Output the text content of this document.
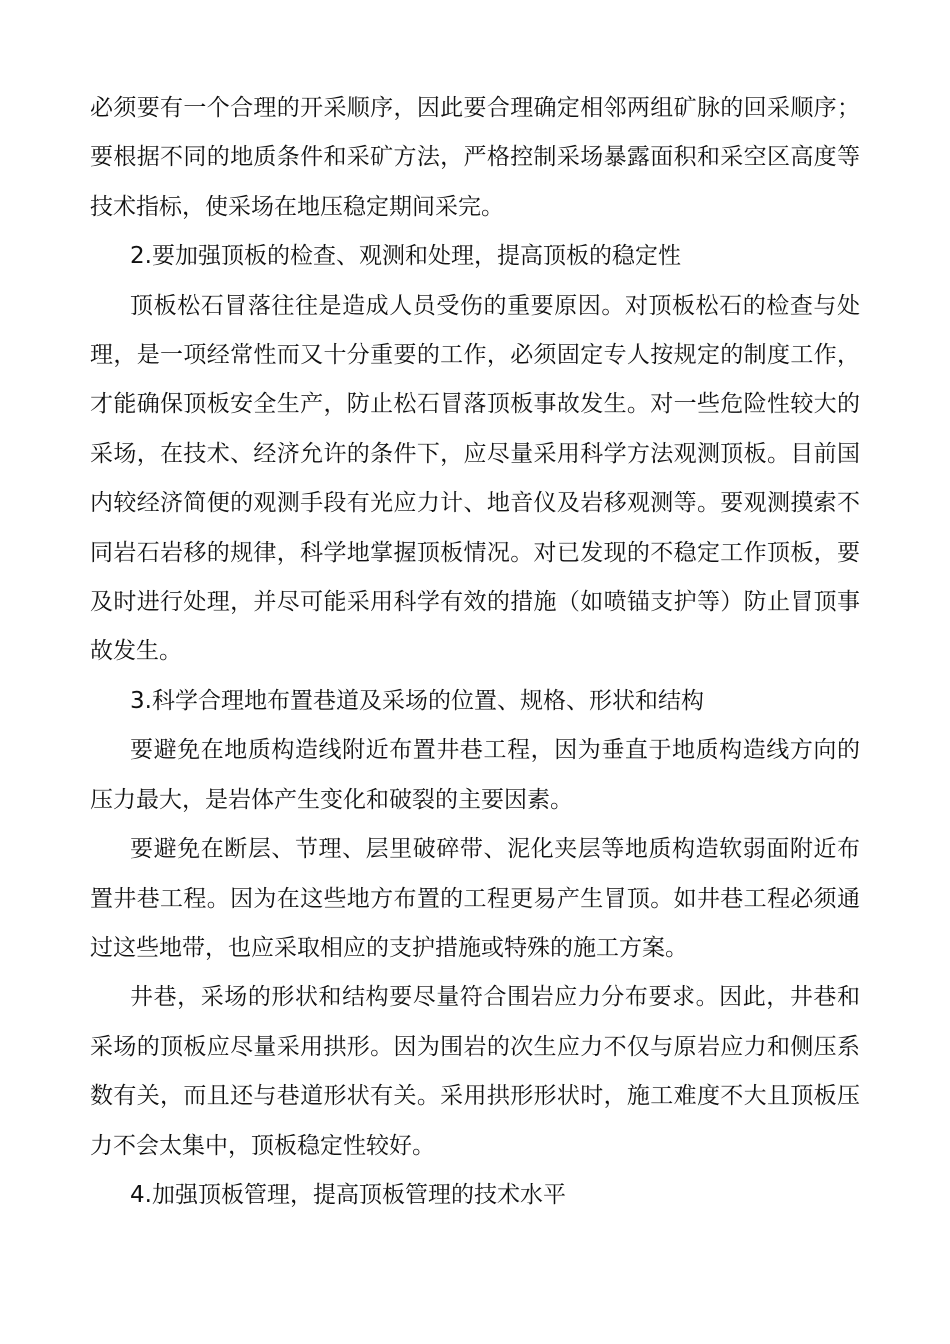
必须要有一个合理的开采顺序，因此要合理确定相邻两组矿脉的回采顺序；要根据不同的地质条件和采矿方法，严格控制采场暴露面积和采空区高度等技术指标，使采场在地压稳定期间采完。

2.要加强顶板的检查、观测和处理，提高顶板的稳定性

顶板松石冒落往往是造成人员受伤的重要原因。对顶板松石的检查与处理，是一项经常性而又十分重要的工作，必须固定专人按规定的制度工作，才能确保顶板安全生产，防止松石冒落顶板事故发生。对一些危险性较大的采场，在技术、经济允许的条件下，应尽量采用科学方法观测顶板。目前国内较经济简便的观测手段有光应力计、地音仪及岩移观测等。要观测摸索不同岩石岩移的规律，科学地掌握顶板情况。对已发现的不稳定工作顶板，要及时进行处理，并尽可能采用科学有效的措施（如喷锚支护等）防止冒顶事故发生。

3.科学合理地布置巷道及采场的位置、规格、形状和结构

要避免在地质构造线附近布置井巷工程，因为垂直于地质构造线方向的压力最大，是岩体产生变化和破裂的主要因素。

要避免在断层、节理、层里破碎带、泥化夹层等地质构造软弱面附近布置井巷工程。因为在这些地方布置的工程更易产生冒顶。如井巷工程必须通过这些地带，也应采取相应的支护措施或特殊的施工方案。

井巷，采场的形状和结构要尽量符合围岩应力分布要求。因此，井巷和采场的顶板应尽量采用拱形。因为围岩的次生应力不仅与原岩应力和侧压系数有关，而且还与巷道形状有关。采用拱形形状时，施工难度不大且顶板压力不会太集中，顶板稳定性较好。

4.加强顶板管理，提高顶板管理的技术水平
